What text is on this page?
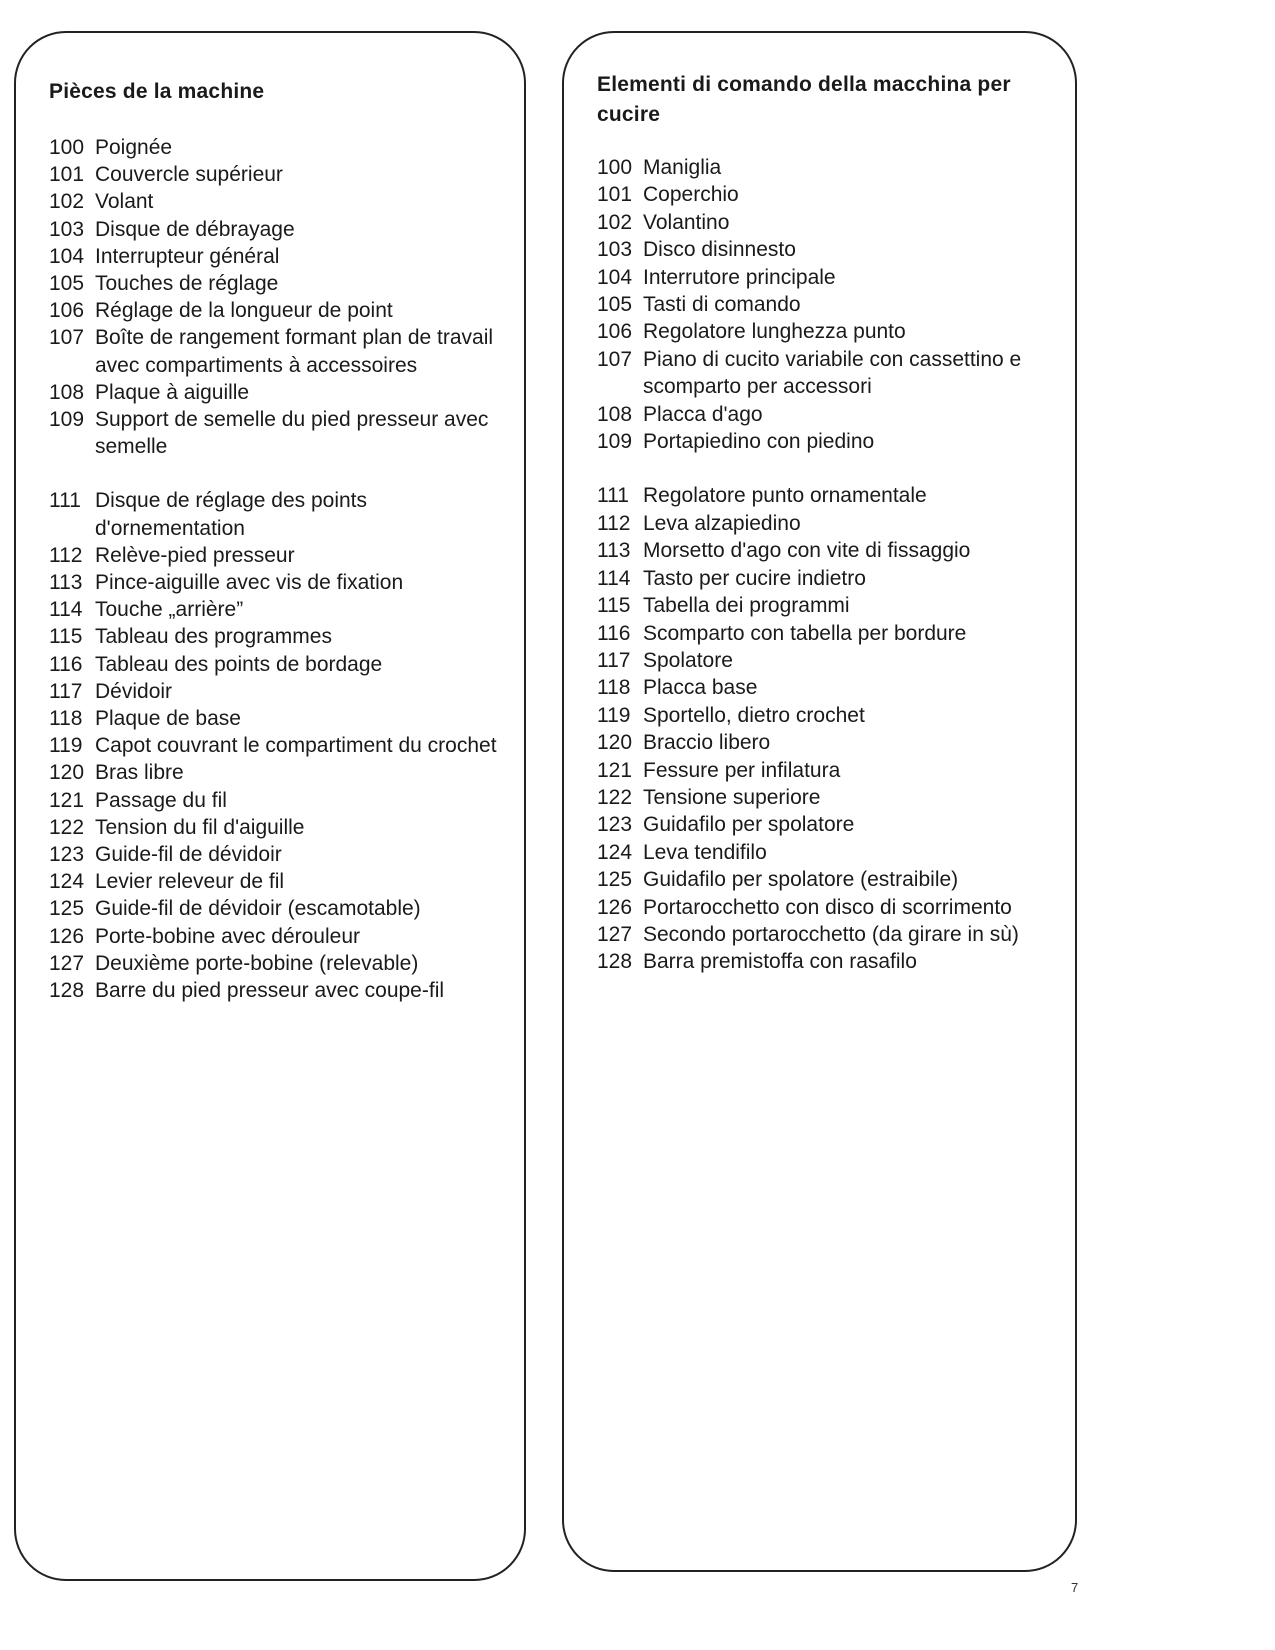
Pièces de la machine
100 Poignée
101 Couvercle supérieur
102 Volant
103 Disque de débrayage
104 Interrupteur général
105 Touches de réglage
106 Réglage de la longueur de point
107 Boîte de rangement formant plan de travail avec compartiments à accessoires
108 Plaque à aiguille
109 Support de semelle du pied presseur avec semelle
111 Disque de réglage des points d'ornementation
112 Relève-pied presseur
113 Pince-aiguille avec vis de fixation
114 Touche „arrière”
115 Tableau des programmes
116 Tableau des points de bordage
117 Dévidoir
118 Plaque de base
119 Capot couvrant le compartiment du crochet
120 Bras libre
121 Passage du fil
122 Tension du fil d'aiguille
123 Guide-fil de dévidoir
124 Levier releveur de fil
125 Guide-fil de dévidoir (escamotable)
126 Porte-bobine avec dérouleur
127 Deuxième porte-bobine (relevable)
128 Barre du pied presseur avec coupe-fil
Elementi di comando della macchina per cucire
100 Maniglia
101 Coperchio
102 Volantino
103 Disco disinnesto
104 Interrutore principale
105 Tasti di comando
106 Regolatore lunghezza punto
107 Piano di cucito variabile con cassettino e scomparto per accessori
108 Placca d'ago
109 Portapiedino con piedino
111 Regolatore punto ornamentale
112 Leva alzapiedino
113 Morsetto d'ago con vite di fissaggio
114 Tasto per cucire indietro
115 Tabella dei programmi
116 Scomparto con tabella per bordure
117 Spolatore
118 Placca base
119 Sportello, dietro crochet
120 Braccio libero
121 Fessure per infilatura
122 Tensione superiore
123 Guidafilo per spolatore
124 Leva tendifilo
125 Guidafilo per spolatore (estraibile)
126 Portarocchetto con disco di scorrimento
127 Secondo portarocchetto (da girare in sù)
128 Barra premistoffa con rasafilo
7
